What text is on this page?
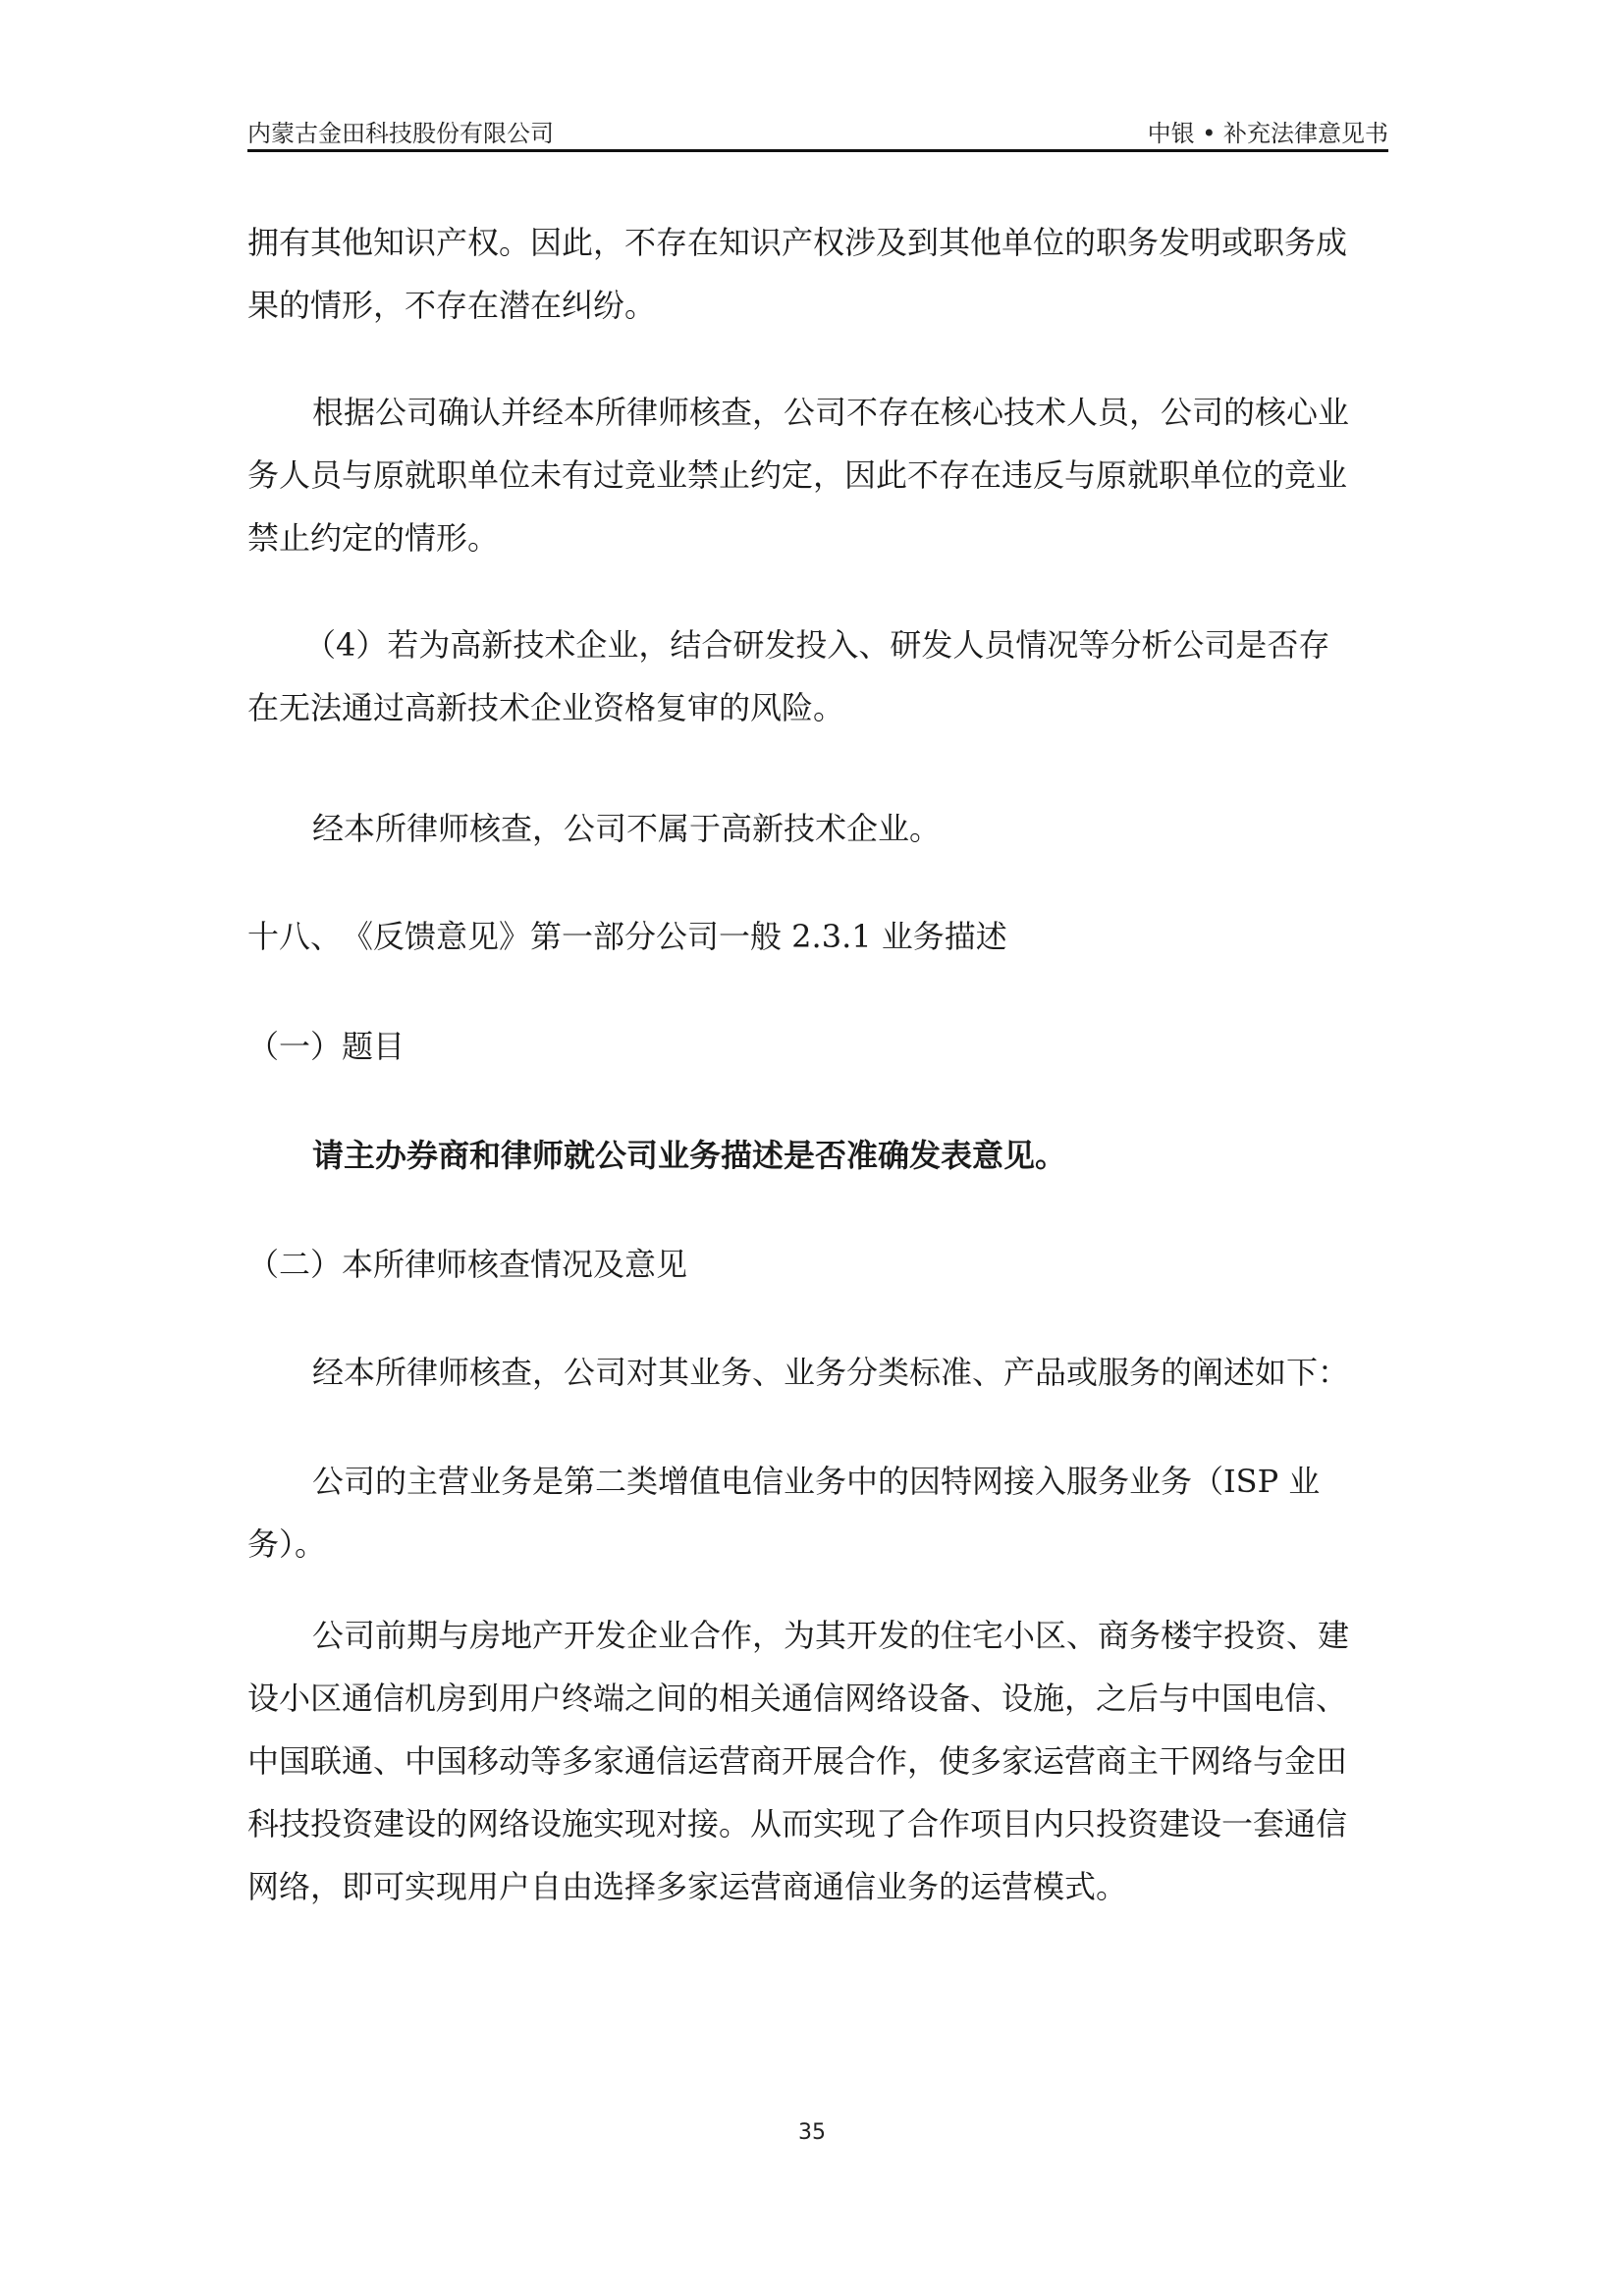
内蒙古金田科技股份有限公司	中银 • 补充法律意见书

拥有其他知识产权。因此，不存在知识产权涉及到其他单位的职务发明或职务成
果的情形，不存在潜在纠纷。

根据公司确认并经本所律师核查，公司不存在核心技术人员，公司的核心业
务人员与原就职单位未有过竞业禁止约定，因此不存在违反与原就职单位的竞业
禁止约定的情形。

（4）若为高新技术企业，结合研发投入、研发人员情况等分析公司是否存
在无法通过高新技术企业资格复审的风险。

经本所律师核查，公司不属于高新技术企业。

十八、　《反馈意见》第一部分公司一般 2.3.1 业务描述

（一）题目

请主办券商和律师就公司业务描述是否准确发表意见。

（二）本所律师核查情况及意见

经本所律师核查，公司对其业务、业务分类标准、产品或服务的阐述如下：

公司的主营业务是第二类增值电信业务中的因特网接入服务业务（ISP 业
务）。

公司前期与房地产开发企业合作，为其开发的住宅小区、商务楼宇投资、建
设小区通信机房到用户终端之间的相关通信网络设备、设施，之后与中国电信、
中国联通、中国移动等多家通信运营商开展合作，使多家运营商主干网络与金田
科技投资建设的网络设施实现对接。从而实现了合作项目内只投资建设一套通信
网络，即可实现用户自由选择多家运营商通信业务的运营模式。

35
